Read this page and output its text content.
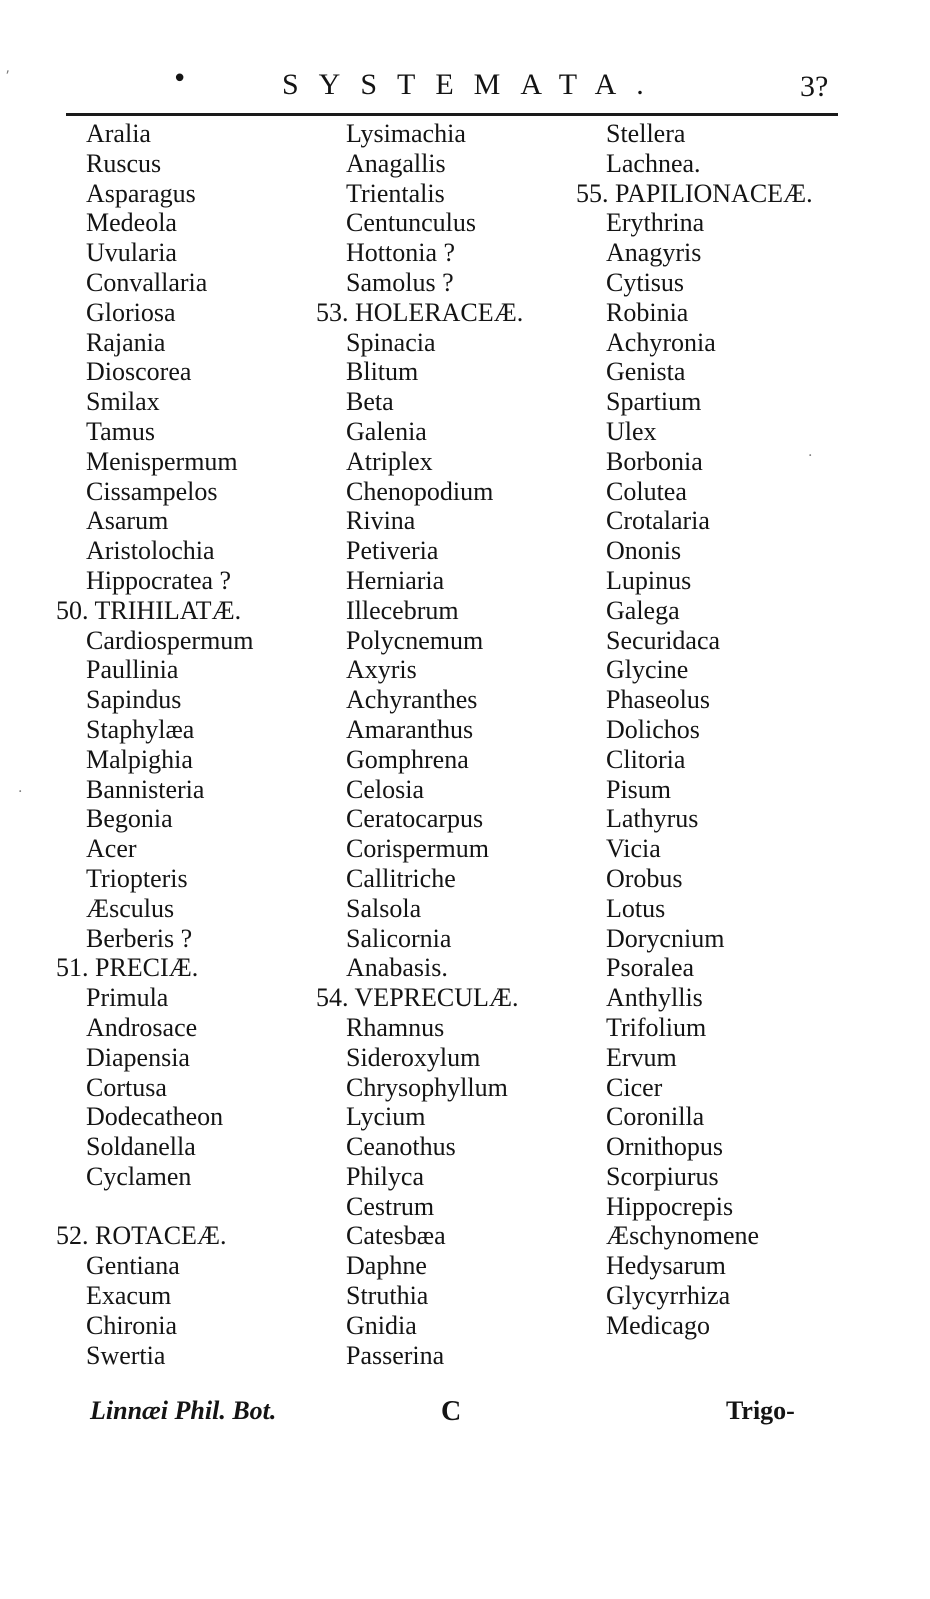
•	SYSTEMATA.	3?
Aralia
Ruscus
Asparagus
Medeola
Uvularia
Convallaria
Gloriosa
Rajania
Dioscorea
Smilax
Tamus
Menispermum
Cissampelos
Asarum
Aristolochia
Hippocratea ?
50. TRIHILATÆ.
Cardiospermum
Paullinia
Sapindus
Staphylæa
Malpighia
Bannisteria
Begonia
Acer
Triopteris
Æsculus
Berberis ?
51. PRECIÆ.
Primula
Androsace
Diapensia
Cortusa
Dodecatheon
Soldanella
Cyclamen
52. ROTACEÆ.
Gentiana
Exacum
Chironia
Swertia
Lysimachia
Anagallis
Trientalis
Centunculus
Hottonia ?
Samolus ?
53. HOLERACEÆ.
Spinacia
Blitum
Beta
Galenia
Atriplex
Chenopodium
Rivina
Petiveria
Herniaria
Illecebrum
Polycnemum
Axyris
Achyranthes
Amaranthus
Gomphrena
Celosia
Ceratocarpus
Corispermum
Callitriche
Salsola
Salicornia
Anabasis.
54. VEPRECULÆ.
Rhamnus
Sideroxylum
Chrysophyllum
Lycium
Ceanothus
Philyca
Cestrum
Catesbæa
Daphne
Struthia
Gnidia
Passerina
Stellera
Lachnea.
55. PAPILIONACEÆ.
Erythrina
Anagyris
Cytisus
Robinia
Achyronia
Genista
Spartium
Ulex
Borbonia
Colutea
Crotalaria
Ononis
Lupinus
Galega
Securidaca
Glycine
Phaseolus
Dolichos
Clitoria
Pisum
Lathyrus
Vicia
Orobus
Lotus
Dorycnium
Psoralea
Anthyllis
Trifolium
Ervum
Cicer
Coronilla
Ornithopus
Scorpiurus
Hippocrepis
Æschynomene
Hedysarum
Glycyrrhiza
Medicago
Linnæi Phil. Bot.	C	Trigo-
⸴
·
·
